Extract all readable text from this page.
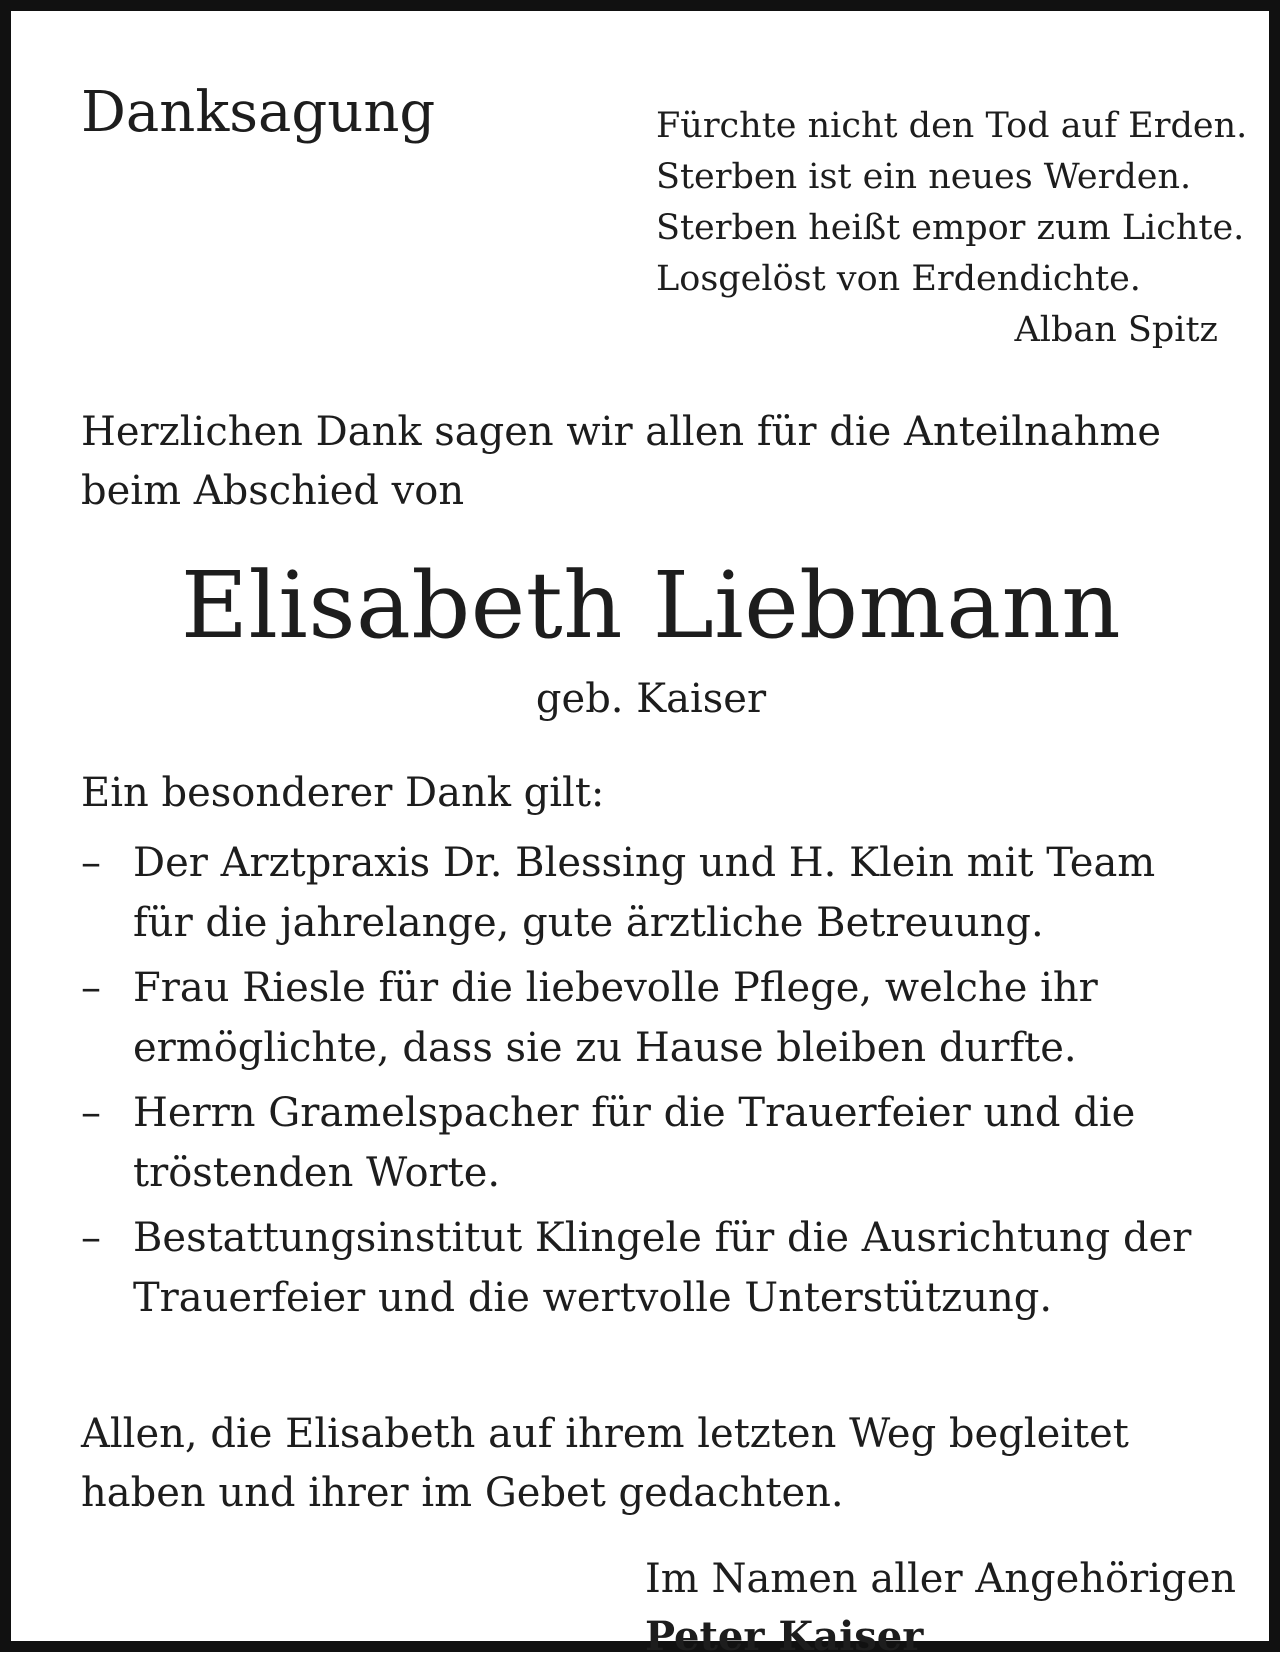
Danksagung	Fürchte nicht den Tod auf Erden.
Sterben ist ein neues Werden.
Sterben heißt empor zum Lichte.
Losgelöst von Erdendichte.
Alban Spitz

Herzlichen Dank sagen wir allen für die Anteilnahme beim Abschied von

Elisabeth Liebmann

geb. Kaiser

Ein besonderer Dank gilt:

– Der Arztpraxis Dr. Blessing und H. Klein mit Team für die jahrelange, gute ärztliche Betreuung.
– Frau Riesle für die liebevolle Pflege, welche ihr ermöglichte, dass sie zu Hause bleiben durfte.
– Herrn Gramelspacher für die Trauerfeier und die tröstenden Worte.
– Bestattungsinstitut Klingele für die Ausrichtung der Trauerfeier und die wertvolle Unterstützung.

Allen, die Elisabeth auf ihrem letzten Weg begleitet haben und ihrer im Gebet gedachten.

Im Namen aller Angehörigen
Peter Kaiser
